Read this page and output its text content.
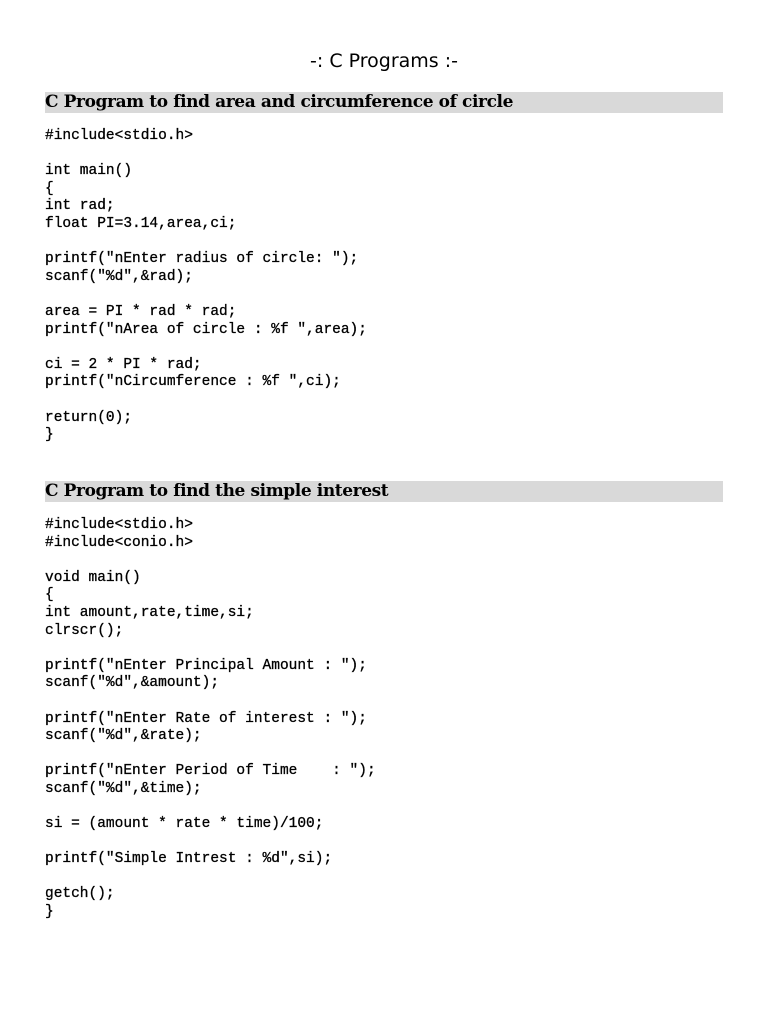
-: C Programs :-
C Program to find area and circumference of circle
#include<stdio.h>
int main()
{
int rad;
float PI=3.14,area,ci;
printf("nEnter radius of circle: ");
scanf("%d",&rad);
area = PI * rad * rad;
printf("nArea of circle : %f ",area);
ci = 2 * PI * rad;
printf("nCircumference : %f ",ci);
return(0);
}
C Program to find the simple interest
#include<stdio.h>
#include<conio.h>
void main()
{
int amount,rate,time,si;
clrscr();
printf("nEnter Principal Amount : ");
scanf("%d",&amount);
printf("nEnter Rate of interest : ");
scanf("%d",&rate);
printf("nEnter Period of Time    : ");
scanf("%d",&time);
si = (amount * rate * time)/100;
printf("Simple Intrest : %d",si);
getch();
}
